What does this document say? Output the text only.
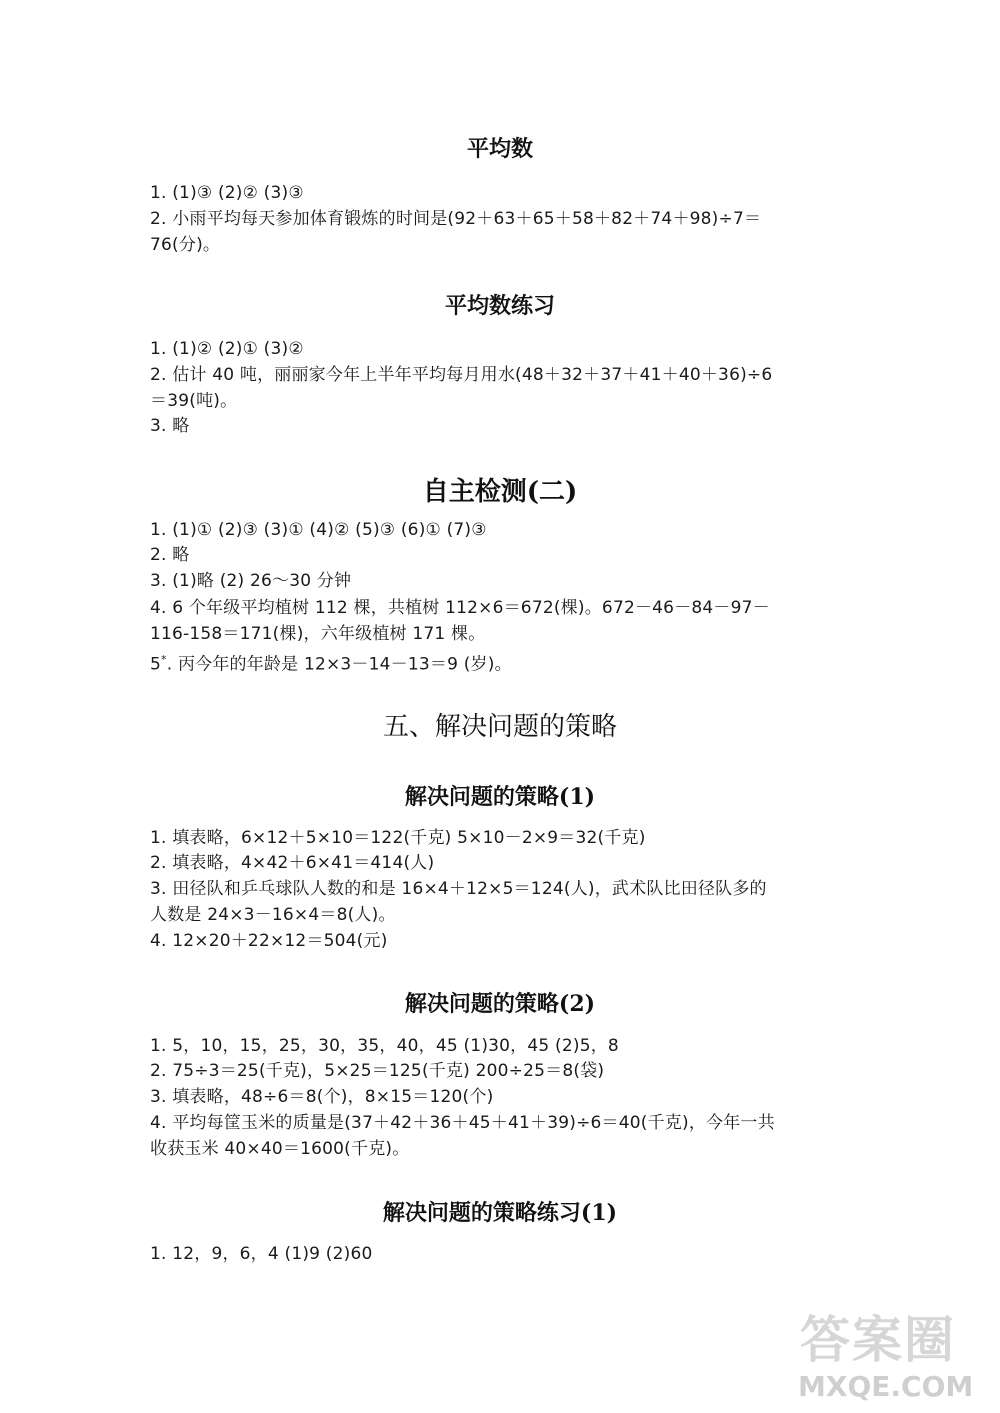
平均数

1. (1)③ (2)② (3)③

2. 小雨平均每天参加体育锻炼的时间是(92＋63＋65＋58＋82＋74＋98)÷7＝

76(分)。

平均数练习

1. (1)② (2)① (3)②

2. 估计 40 吨，丽丽家今年上半年平均每月用水(48＋32＋37＋41＋40＋36)÷6

＝39(吨)。

3. 略

自主检测(二)

1. (1)① (2)③ (3)① (4)② (5)③ (6)① (7)③

2. 略

3. (1)略 (2) 26～30 分钟

4. 6 个年级平均植树 112 棵，共植树 112×6＝672(棵)。672－46－84－97－

116-158＝171(棵)，六年级植树 171 棵。

5*. 丙今年的年龄是 12×3－14－13＝9 (岁)。

五、解决问题的策略
解决问题的策略(1)

1. 填表略，6×12＋5×10＝122(千克) 5×10－2×9＝32(千克)

2. 填表略，4×42＋6×41＝414(人)

3. 田径队和乒乓球队人数的和是 16×4＋12×5＝124(人)，武术队比田径队多的

人数是 24×3－16×4＝8(人)。

4. 12×20＋22×12＝504(元)

解决问题的策略(2)

1. 5，10，15，25，30，35，40，45 (1)30，45 (2)5，8

2. 75÷3＝25(千克)，5×25＝125(千克) 200÷25＝8(袋)

3. 填表略，48÷6＝8(个)，8×15＝120(个)

4. 平均每筐玉米的质量是(37＋42＋36＋45＋41＋39)÷6＝40(千克)，今年一共

收获玉米 40×40＝1600(千克)。

解决问题的策略练习(1)

1. 12，9，6，4 (1)9 (2)60

答案圈
MXQE.COM
